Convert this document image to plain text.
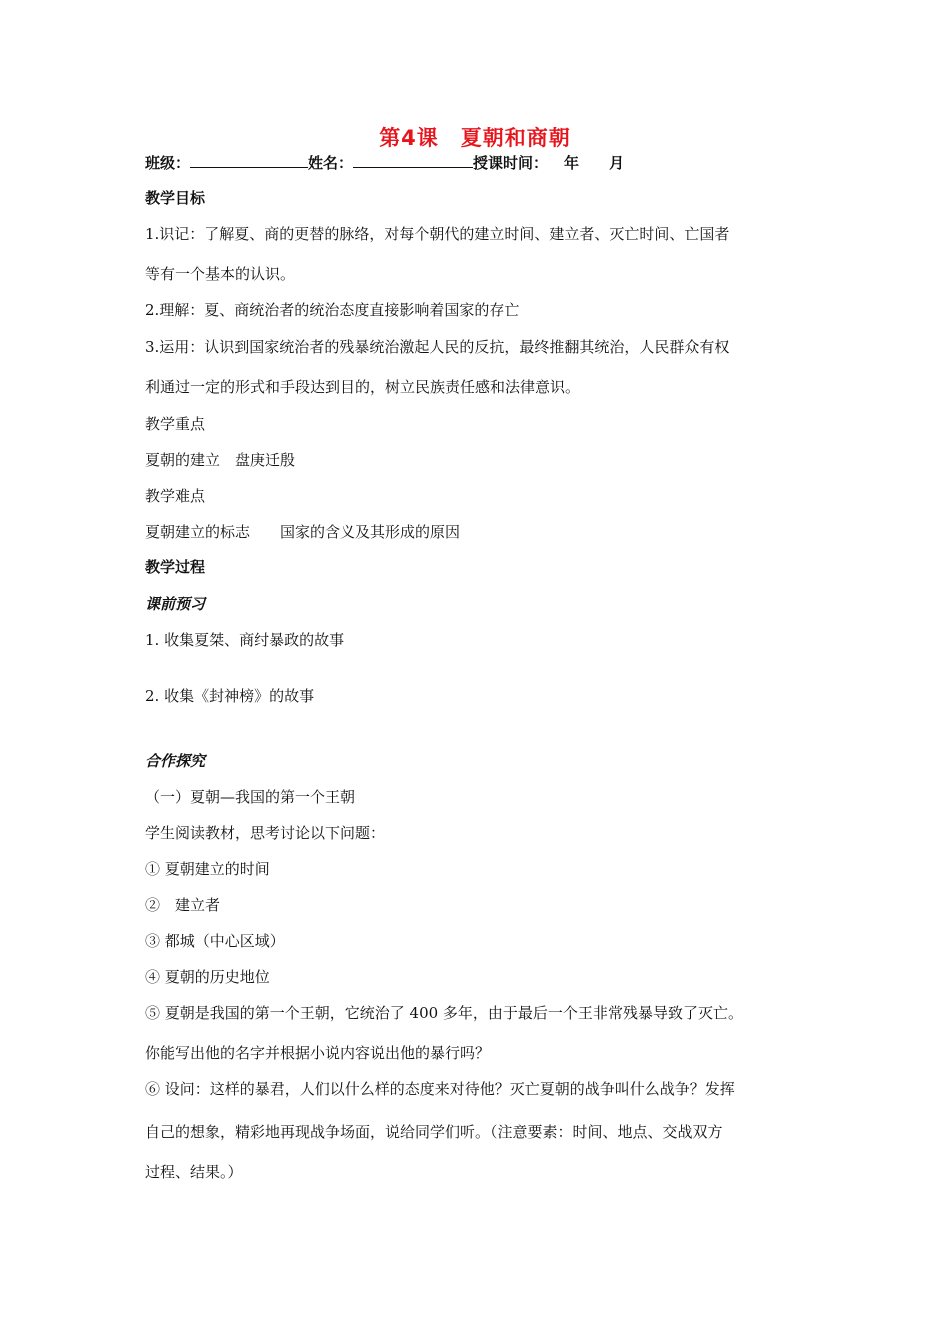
第4课　夏朝和商朝
班级：	姓名：	授课时间： 年 月
教学目标
1.识记：了解夏、商的更替的脉络，对每个朝代的建立时间、建立者、灭亡时间、亡国者
等有一个基本的认识。
2.理解：夏、商统治者的统治态度直接影响着国家的存亡
3.运用：认识到国家统治者的残暴统治激起人民的反抗，最终推翻其统治，人民群众有权
利通过一定的形式和手段达到目的，树立民族责任感和法律意识。
教学重点
夏朝的建立　盘庚迁殷
教学难点
夏朝建立的标志　　国家的含义及其形成的原因
教学过程
课前预习
1. 收集夏桀、商纣暴政的故事
2. 收集《封神榜》的故事
合作探究
（一）夏朝—我国的第一个王朝
学生阅读教材，思考讨论以下问题：
① 夏朝建立的时间
②　建立者
③ 都城（中心区域）
④ 夏朝的历史地位
⑤ 夏朝是我国的第一个王朝，它统治了 400 多年，由于最后一个王非常残暴导致了灭亡。
你能写出他的名字并根据小说内容说出他的暴行吗？
⑥ 设问：这样的暴君，人们以什么样的态度来对待他？灭亡夏朝的战争叫什么战争？发挥
自己的想象，精彩地再现战争场面，说给同学们听。（注意要素：时间、地点、交战双方
过程、结果。）
